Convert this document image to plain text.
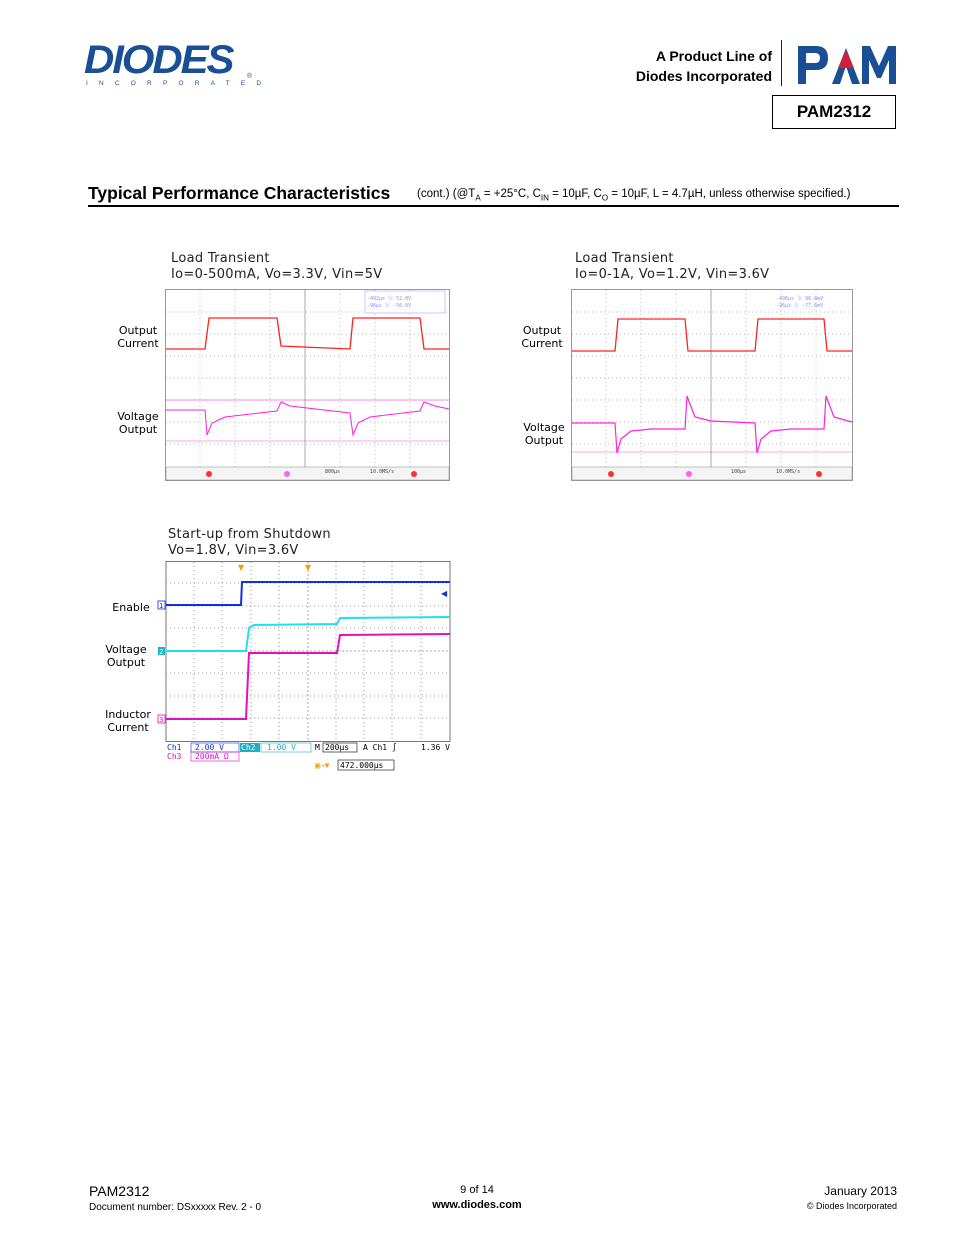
DIODES
INCORPORATED
®
A Product Line of
Diodes Incorporated
PAM2312
Typical Performance Characteristics (cont.) ($@T_A = +25^\circ C$, $C_{IN} = 10\mu F$, $C_O = 10\mu F$, L = 4.7µH, unless otherwise specified.)
Load Transient
Io=0-500mA, Vo=3.3V, Vin=5V
Output
Current
Voltage
Output
-492µs ⓑ 52.8V
-96µs ⓑ -56.0V
800µs	10.0MS/s
Load Transient
Io=0-1A, Vo=1.2V, Vin=3.6V
Output
Current
Voltage
Output
-496µs ⓑ 96.8mV
-96µs ⓑ -77.6mV
100µs	10.0MS/s
Start-up from Shutdown
Vo=1.8V, Vin=3.6V
Enable
Voltage
Output
Inductor
Current
▼	▼
◀
1
2
3
Ch1 2.00 V Ch2 1.00 V M 200µs A Ch1 ∫	1.36 V
Ch3 200mA Ω
▣→▼ 472.000µs
PAM2312
Document number: DSxxxxx Rev. 2 - 0
9 of 14
www.diodes.com
January 2013
© Diodes Incorporated
